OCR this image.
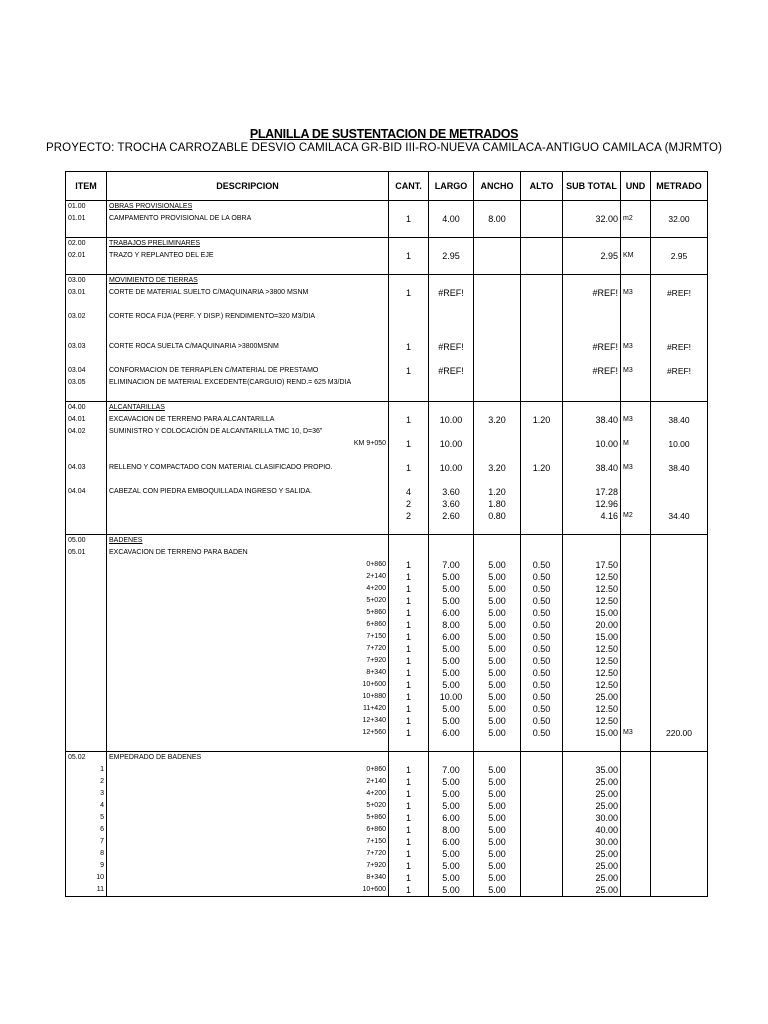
PLANILLA DE SUSTENTACION DE METRADOS
PROYECTO: TROCHA CARROZABLE DESVIO CAMILACA GR-BID III-RO-NUEVA CAMILACA-ANTIGUO CAMILACA (MJRMTO)
ITEM	DESCRIPCION	CANT.	LARGO	ANCHO	ALTO	SUB TOTAL	UND	METRADO
01.00	OBRAS PROVISIONALES							
01.01	CAMPAMENTO PROVISIONAL DE LA OBRA	1	4.00	8.00		32.00	m2	32.00

02.00	TRABAJOS PRELIMINARES							
02.01	TRAZO Y REPLANTEO DEL EJE	1	2.95			2.95	KM	2.95

03.00	MOVIMIENTO DE TIERRAS							
03.01	CORTE DE MATERIAL SUELTO C/MAQUINARIA >3800 MSNM	1	#REF!			#REF!	M3	#REF!
03.02	CORTE ROCA FIJA (PERF. Y DISP.) RENDIMIENTO=320 M3/DIA							

03.03	CORTE ROCA SUELTA C/MAQUINARIA >3800MSNM	1	#REF!			#REF!	M3	#REF!

03.04	CONFORMACION DE TERRAPLEN C/MATERIAL DE PRESTAMO	1	#REF!			#REF!	M3	#REF!
03.05	ELIMINACION DE MATERIAL EXCEDENTE(CARGUIO) REND.= 625 M3/DIA							

04.00	ALCANTARILLAS							
04.01	EXCAVACION DE TERRENO PARA ALCANTARILLA	1	10.00	3.20	1.20	38.40	M3	38.40
04.02	SUMINISTRO Y COLOCACIÓN DE ALCANTARILLA TMC 10, D=36"							
	KM 9+050	1	10.00			10.00	M	10.00

04.03	RELLENO Y COMPACTADO CON MATERIAL CLASIFICADO PROPIO.	1	10.00	3.20	1.20	38.40	M3	38.40

04.04	CABEZAL CON PIEDRA EMBOQUILLADA INGRESO Y SALIDA.	4	3.60	1.20		17.28		
		2	3.60	1.80		12.96		
		2	2.60	0.80		4.16	M2	34.40

05.00	BADENES							
05.01	EXCAVACION DE TERRENO PARA BADEN							
	0+860	1	7.00	5.00	0.50	17.50		
	2+140	1	5.00	5.00	0.50	12.50		
	4+200	1	5.00	5.00	0.50	12.50		
	5+020	1	5.00	5.00	0.50	12.50		
	5+860	1	6.00	5.00	0.50	15.00		
	6+860	1	8.00	5.00	0.50	20.00		
	7+150	1	6.00	5.00	0.50	15.00		
	7+720	1	5.00	5.00	0.50	12.50		
	7+920	1	5.00	5.00	0.50	12.50		
	8+340	1	5.00	5.00	0.50	12.50		
	10+600	1	5.00	5.00	0.50	12.50		
	10+880	1	10.00	5.00	0.50	25.00		
	11+420	1	5.00	5.00	0.50	12.50		
	12+340	1	5.00	5.00	0.50	12.50		
	12+560	1	6.00	5.00	0.50	15.00	M3	220.00

05.02	EMPEDRADO DE BADENES							
1	0+860	1	7.00	5.00		35.00		
2	2+140	1	5.00	5.00		25.00		
3	4+200	1	5.00	5.00		25.00		
4	5+020	1	5.00	5.00		25.00		
5	5+860	1	6.00	5.00		30.00		
6	6+860	1	8.00	5.00		40.00		
7	7+150	1	6.00	5.00		30.00		
8	7+720	1	5.00	5.00		25.00		
9	7+920	1	5.00	5.00		25.00		
10	8+340	1	5.00	5.00		25.00		
11	10+600	1	5.00	5.00		25.00		
